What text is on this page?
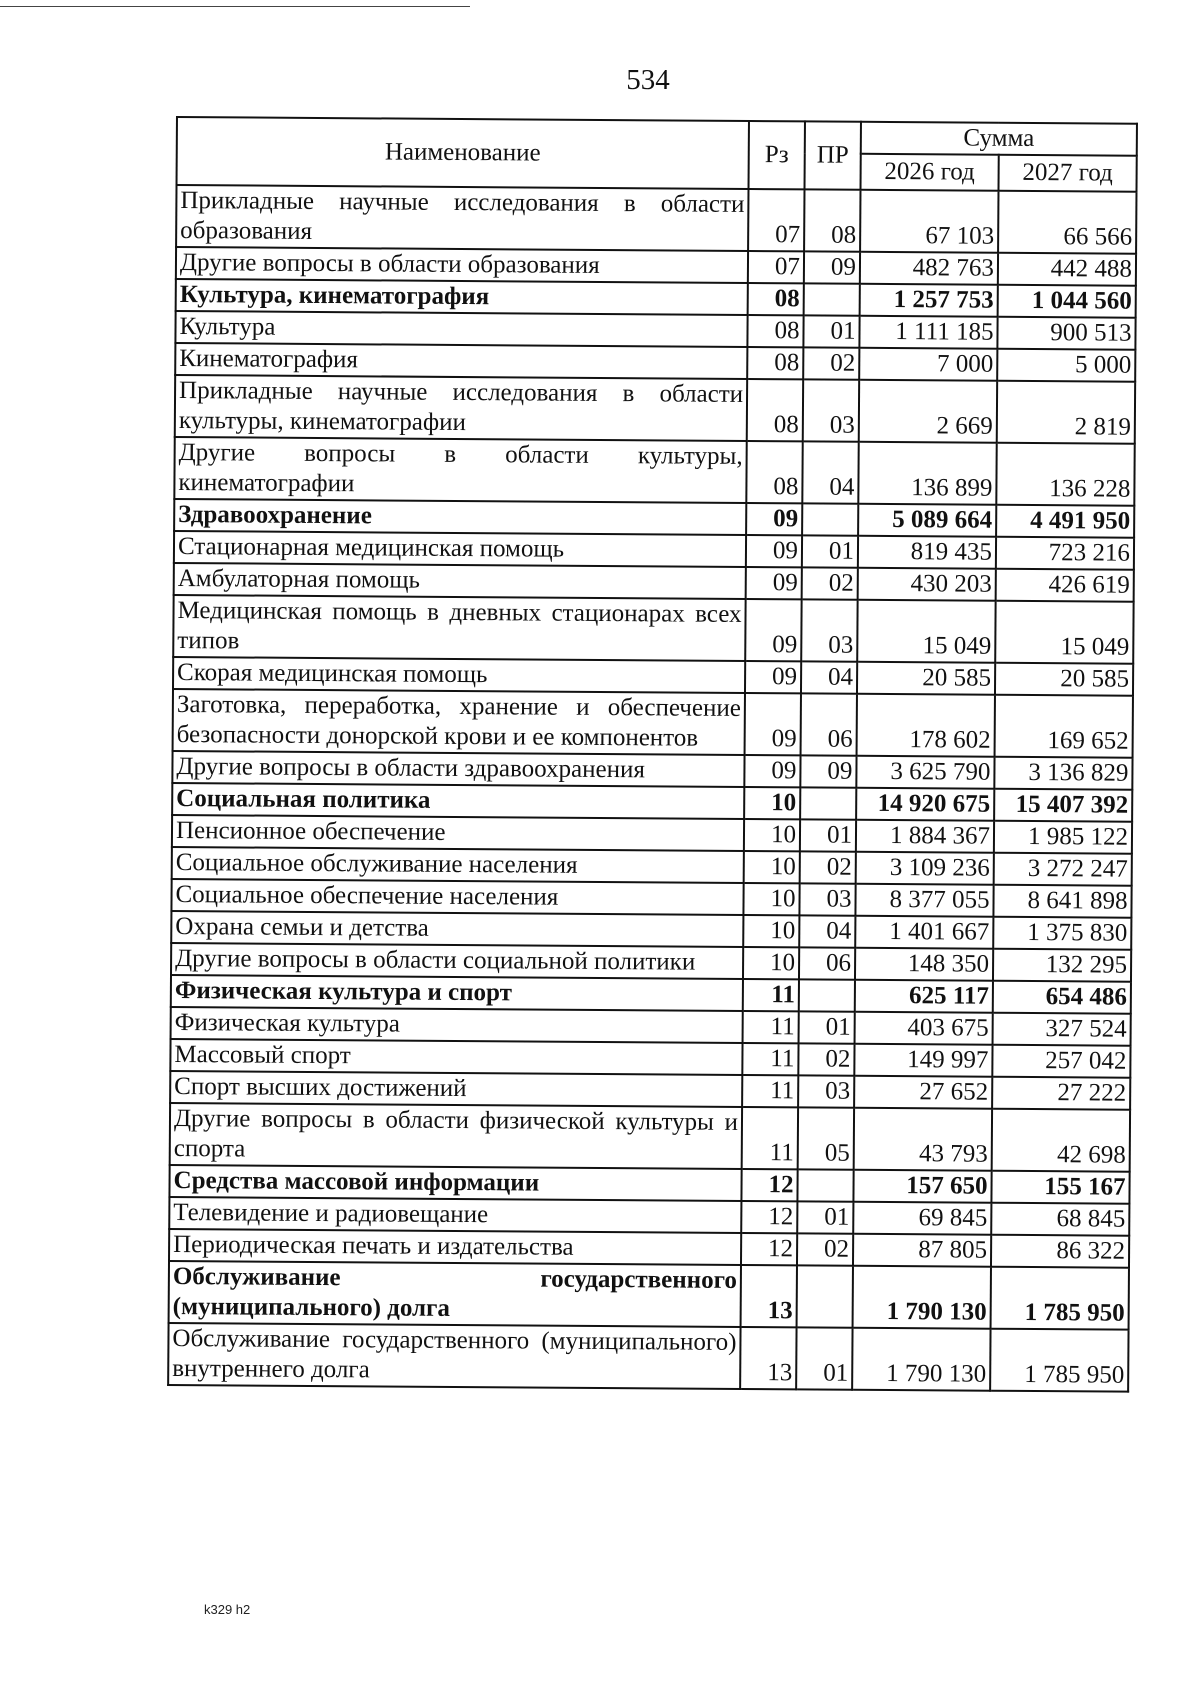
534
Наименование	Рз	ПР	Сумма	
			2026 год	2027 год
Прикладные научные исследования в области образования	07	08	67 103	66 566
Другие вопросы в области образования	07	09	482 763	442 488
Культура, кинематография	08		1 257 753	1 044 560
Культура	08	01	1 111 185	900 513
Кинематография	08	02	7 000	5 000
Прикладные научные исследования в области культуры, кинематографии	08	03	2 669	2 819
Другие вопросы в области культуры, кинематографии	08	04	136 899	136 228
Здравоохранение	09		5 089 664	4 491 950
Стационарная медицинская помощь	09	01	819 435	723 216
Амбулаторная помощь	09	02	430 203	426 619
Медицинская помощь в дневных стационарах всех типов	09	03	15 049	15 049
Скорая медицинская помощь	09	04	20 585	20 585
Заготовка, переработка, хранение и обеспечение безопасности донорской крови и ее компонентов	09	06	178 602	169 652
Другие вопросы в области здравоохранения	09	09	3 625 790	3 136 829
Социальная политика	10		14 920 675	15 407 392
Пенсионное обеспечение	10	01	1 884 367	1 985 122
Социальное обслуживание населения	10	02	3 109 236	3 272 247
Социальное обеспечение населения	10	03	8 377 055	8 641 898
Охрана семьи и детства	10	04	1 401 667	1 375 830
Другие вопросы в области социальной политики	10	06	148 350	132 295
Физическая культура и спорт	11		625 117	654 486
Физическая культура	11	01	403 675	327 524
Массовый спорт	11	02	149 997	257 042
Спорт высших достижений	11	03	27 652	27 222
Другие вопросы в области физической культуры и спорта	11	05	43 793	42 698
Средства массовой информации	12		157 650	155 167
Телевидение и радиовещание	12	01	69 845	68 845
Периодическая печать и издательства	12	02	87 805	86 322
Обслуживание государственного (муниципального) долга	13		1 790 130	1 785 950
Обслуживание государственного (муниципального) внутреннего долга	13	01	1 790 130	1 785 950
k329 h2
